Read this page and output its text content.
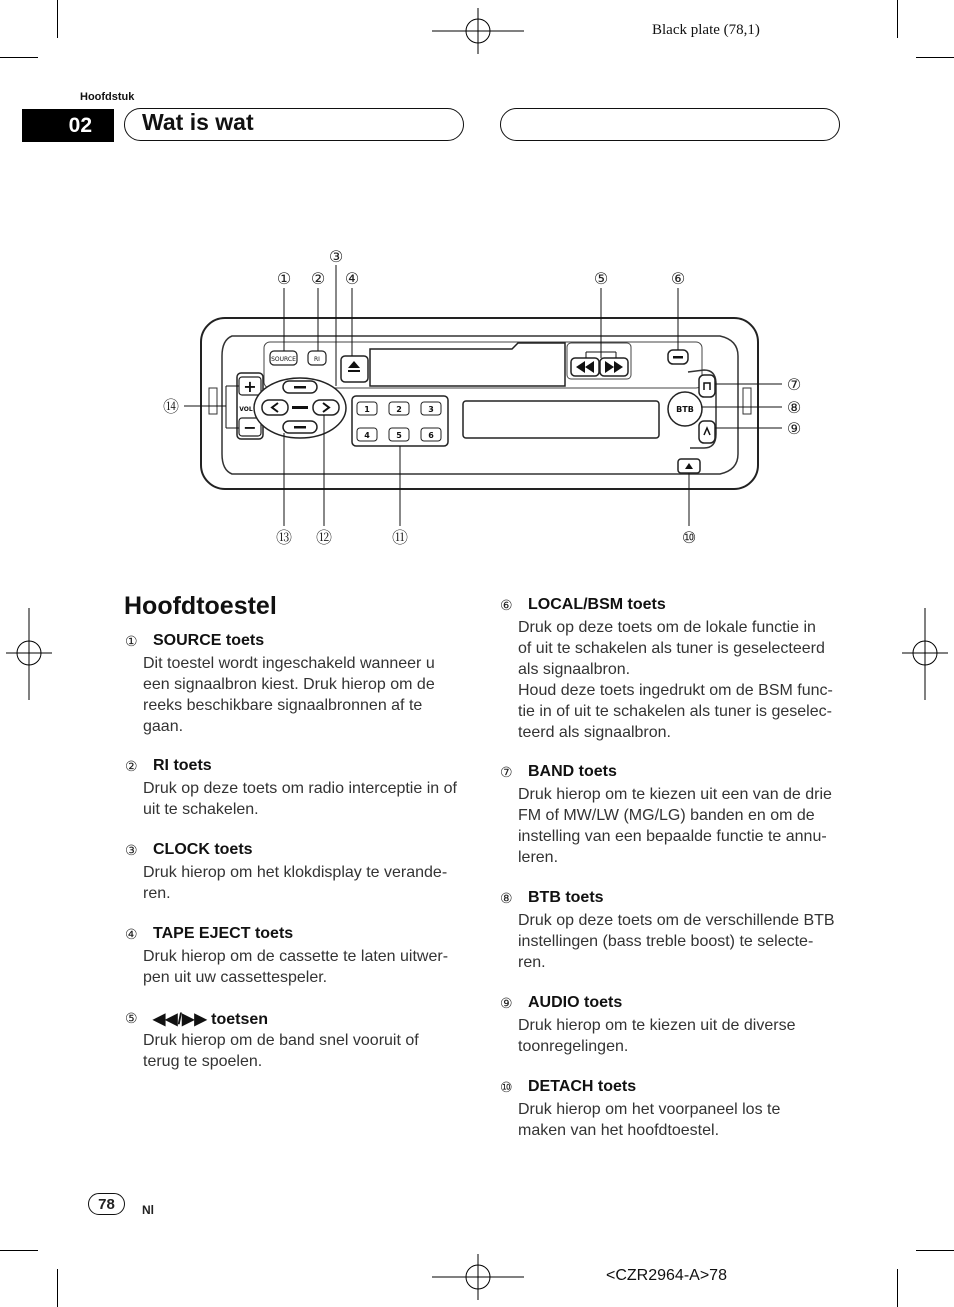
Black plate (78,1)
Hoofdstuk
02	Wat is wat
SOURCE	RI
BTB
+
VOL
−
1	2	3
4	5	6
① ②
③
④	⑤	⑥
⑦
⑧
⑨
⑩
⑪
⑫
⑬
⑭
Hoofdtoestel
① SOURCE toets
Dit toestel wordt ingeschakeld wanneer u
een signaalbron kiest. Druk hierop om de
reeks beschikbare signaalbronnen af te
gaan.
② RI toets
Druk op deze toets om radio interceptie in of
uit te schakelen.
③ CLOCK toets
Druk hierop om het klokdisplay te verande-
ren.
④ TAPE EJECT toets
Druk hierop om de cassette te laten uitwer-
pen uit uw cassettespeler.
⑤ ◀◀/▶▶ toetsen
Druk hierop om de band snel vooruit of
terug te spoelen.
⑥ LOCAL/BSM toets
Druk op deze toets om de lokale functie in
of uit te schakelen als tuner is geselecteerd
als signaalbron.
Houd deze toets ingedrukt om de BSM func-
tie in of uit te schakelen als tuner is geselec-
teerd als signaalbron.
⑦ BAND toets
Druk hierop om te kiezen uit een van de drie
FM of MW/LW (MG/LG) banden en om de
instelling van een bepaalde functie te annu-
leren.
⑧ BTB toets
Druk op deze toets om de verschillende BTB
instellingen (bass treble boost) te selecte-
ren.
⑨ AUDIO toets
Druk hierop om te kiezen uit de diverse
toonregelingen.
⑩ DETACH toets
Druk hierop om het voorpaneel los te
maken van het hoofdtoestel.
78	Nl
<CZR2964-A>78
